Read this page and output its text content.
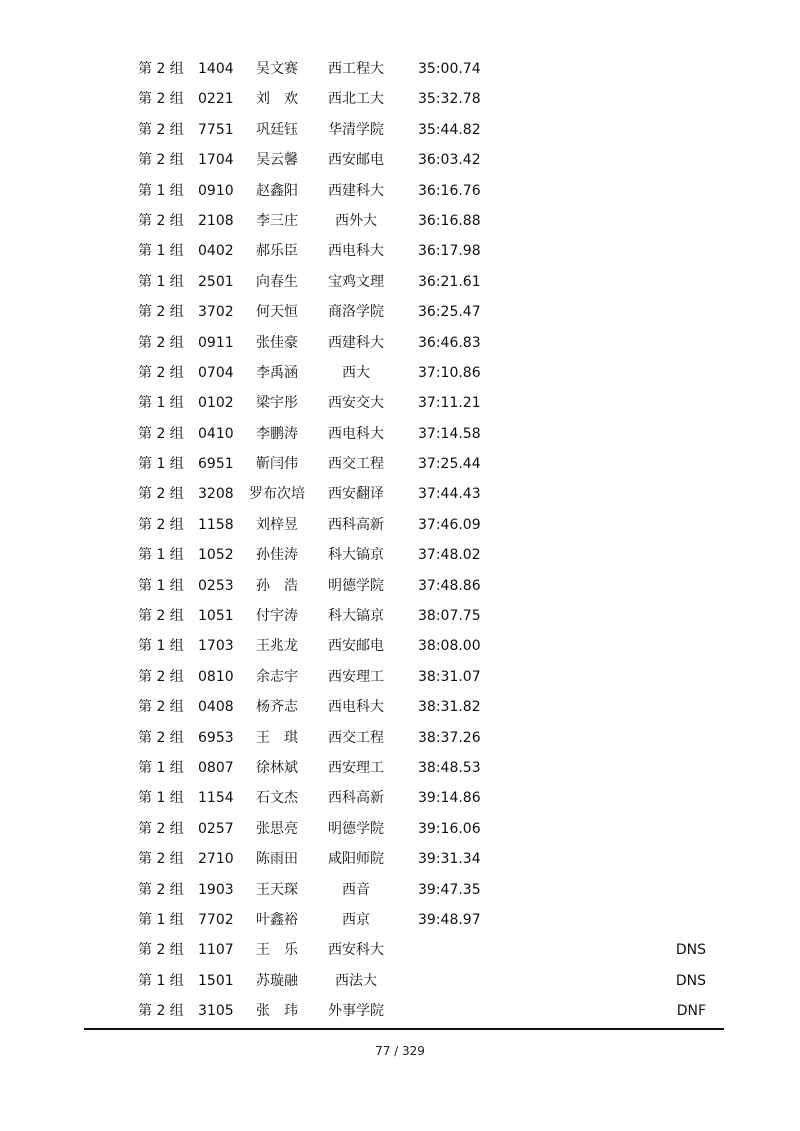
第 2 组	1404	吴文赛	西工程大	35:00.74
第 2 组	0221	刘　欢	西北工大	35:32.78
第 2 组	7751	巩廷钰	华清学院	35:44.82
第 2 组	1704	吴云馨	西安邮电	36:03.42
第 1 组	0910	赵鑫阳	西建科大	36:16.76
第 2 组	2108	李三庄	西外大	36:16.88
第 1 组	0402	郝乐臣	西电科大	36:17.98
第 1 组	2501	向春生	宝鸡文理	36:21.61
第 2 组	3702	何天恒	商洛学院	36:25.47
第 2 组	0911	张佳豪	西建科大	36:46.83
第 2 组	0704	李禹涵	西大	37:10.86
第 1 组	0102	梁宇彤	西安交大	37:11.21
第 2 组	0410	李鹏涛	西电科大	37:14.58
第 1 组	6951	靳闫伟	西交工程	37:25.44
第 2 组	3208	罗布次培	西安翻译	37:44.43
第 2 组	1158	刘梓昱	西科高新	37:46.09
第 1 组	1052	孙佳涛	科大镐京	37:48.02
第 1 组	0253	孙　浩	明德学院	37:48.86
第 2 组	1051	付宇涛	科大镐京	38:07.75
第 1 组	1703	王兆龙	西安邮电	38:08.00
第 2 组	0810	余志宇	西安理工	38:31.07
第 2 组	0408	杨齐志	西电科大	38:31.82
第 2 组	6953	王　琪	西交工程	38:37.26
第 1 组	0807	徐林斌	西安理工	38:48.53
第 1 组	1154	石文杰	西科高新	39:14.86
第 2 组	0257	张思亮	明德学院	39:16.06
第 2 组	2710	陈雨田	咸阳师院	39:31.34
第 2 组	1903	王天琛	西音	39:47.35
第 1 组	7702	叶鑫裕	西京	39:48.97
第 2 组	1107	王　乐	西安科大	DNS
第 1 组	1501	苏璇融	西法大	DNS
第 2 组	3105	张　玮	外事学院	DNF
77 / 329
